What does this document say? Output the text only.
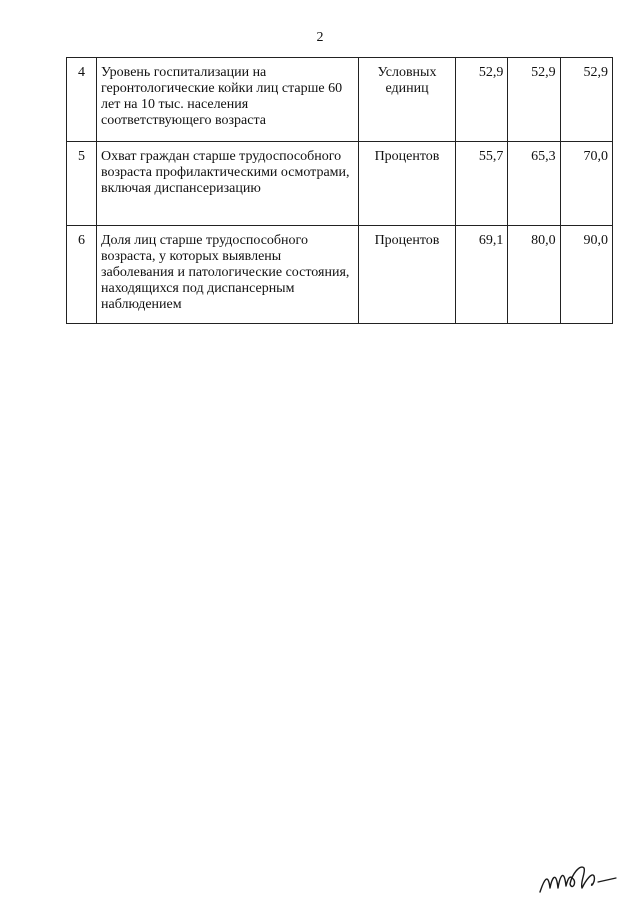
2
4	Уровень госпитализации на геронтологические койки лиц старше 60 лет на 10 тыс. населения соответствующего возраста	Условных единиц	52,9	52,9	52,9
5	Охват граждан старше трудоспособного возраста профилактическими осмотрами, включая диспансеризацию	Процентов	55,7	65,3	70,0
6	Доля лиц старше трудоспособного возраста, у которых выявлены заболевания и патологические состояния, находящихся под диспансерным наблюдением	Процентов	69,1	80,0	90,0
